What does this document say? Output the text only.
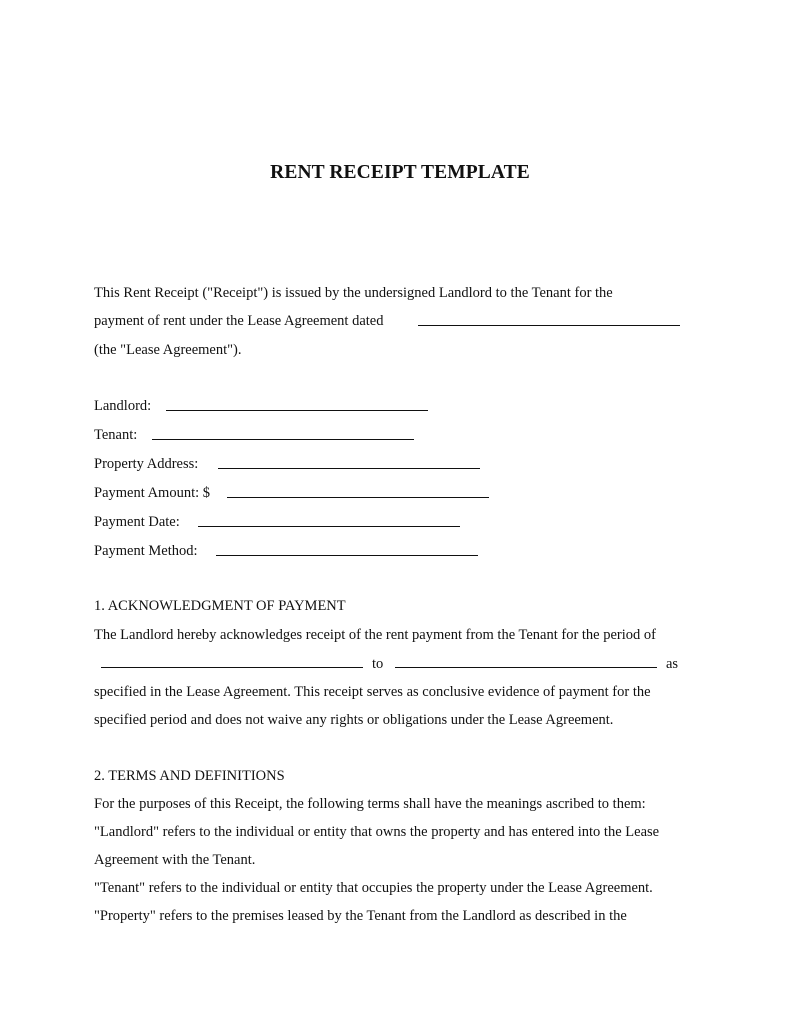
RENT RECEIPT TEMPLATE
This Rent Receipt ("Receipt") is issued by the undersigned Landlord to the Tenant for the
payment of rent under the Lease Agreement dated
(the "Lease Agreement").
Landlord:
Tenant:
Property Address:
Payment Amount: $
Payment Date:
Payment Method:
1. ACKNOWLEDGMENT OF PAYMENT
The Landlord hereby acknowledges receipt of the rent payment from the Tenant for the period of
to	as
specified in the Lease Agreement. This receipt serves as conclusive evidence of payment for the
specified period and does not waive any rights or obligations under the Lease Agreement.
2. TERMS AND DEFINITIONS
For the purposes of this Receipt, the following terms shall have the meanings ascribed to them:
"Landlord" refers to the individual or entity that owns the property and has entered into the Lease
Agreement with the Tenant.
"Tenant" refers to the individual or entity that occupies the property under the Lease Agreement.
"Property" refers to the premises leased by the Tenant from the Landlord as described in the
